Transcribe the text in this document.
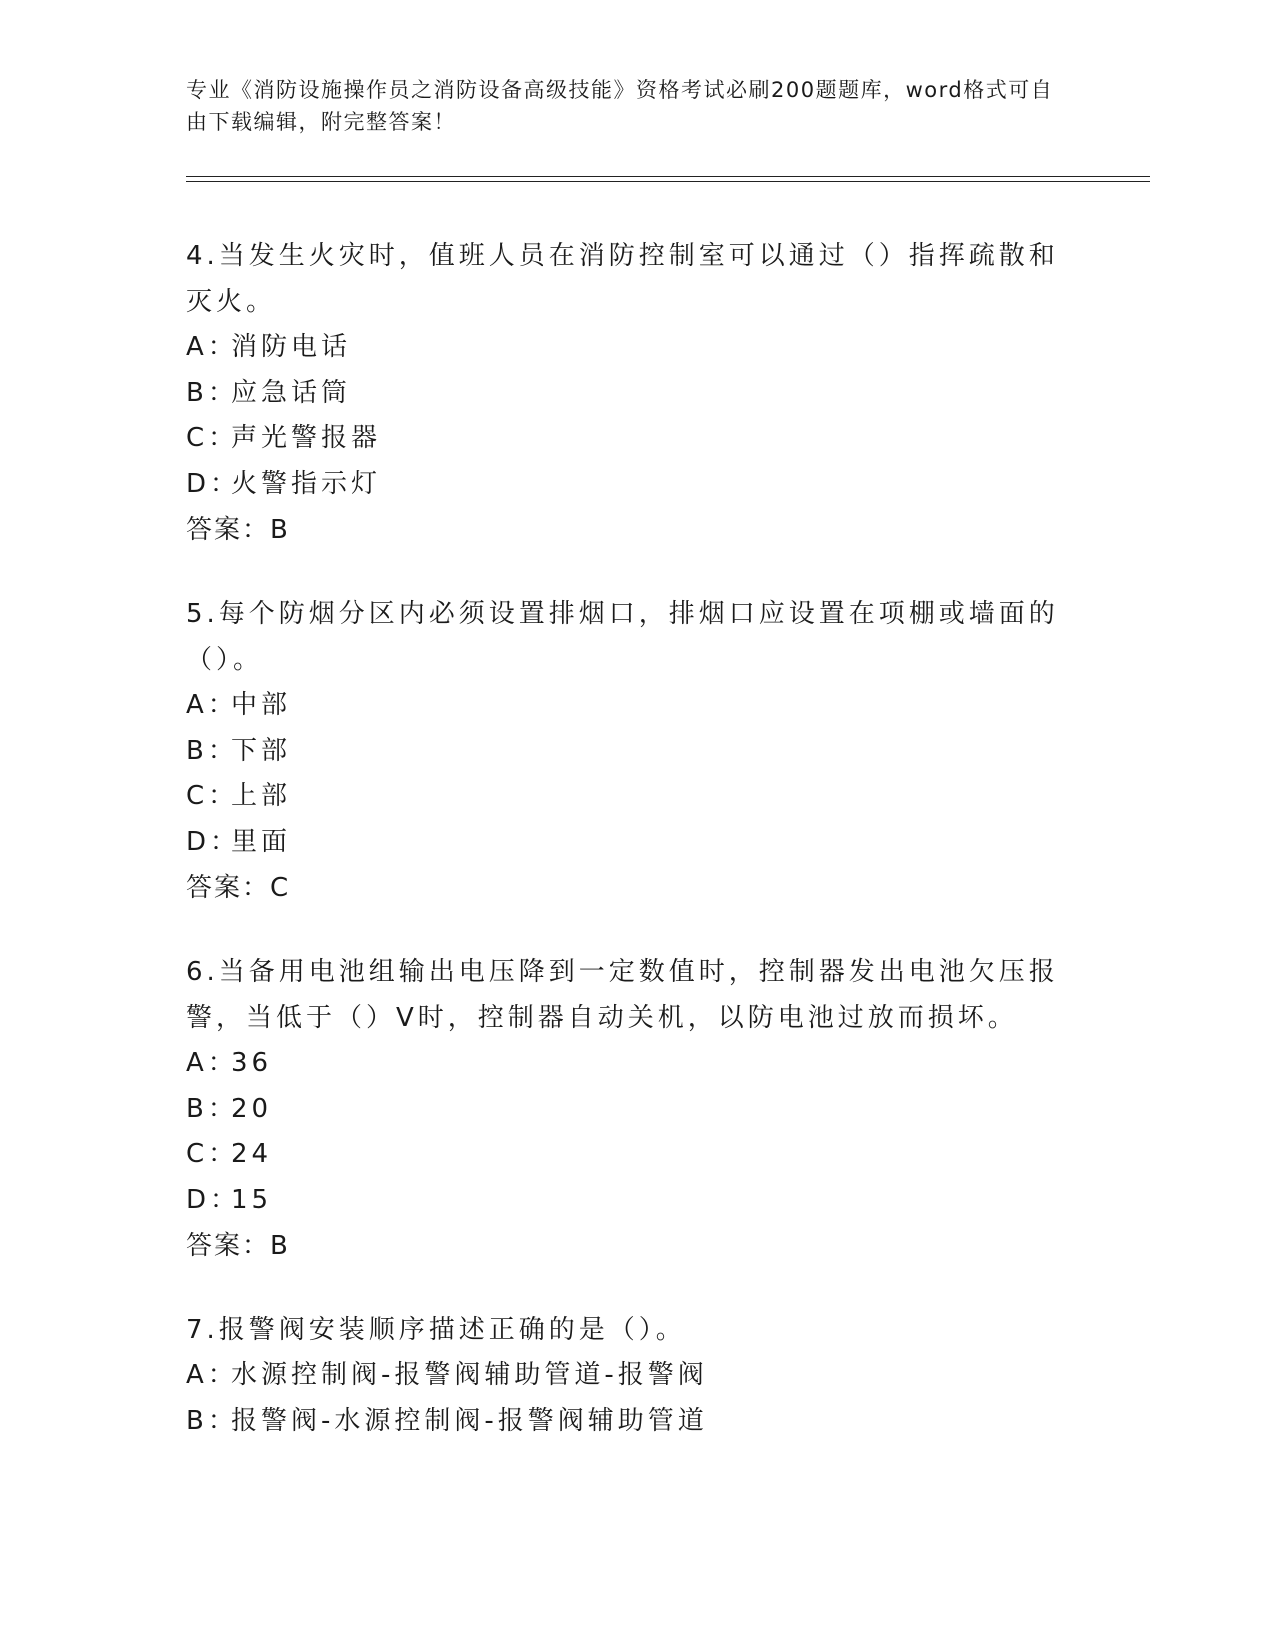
专业《消防设施操作员之消防设备高级技能》资格考试必刷200题题库，word格式可自由下载编辑，附完整答案！

4.当发生火灾时，值班人员在消防控制室可以通过（）指挥疏散和灭火。

A：消防电话

B：应急话筒

C：声光警报器

D：火警指示灯

答案：B

5.每个防烟分区内必须设置排烟口，排烟口应设置在项棚或墙面的（）。

A：中部

B：下部

C：上部

D：里面

答案：C

6.当备用电池组输出电压降到一定数值时，控制器发出电池欠压报警，当低于（）V时，控制器自动关机，以防电池过放而损坏。

A：36

B：20

C：24

D：15

答案：B

7.报警阀安装顺序描述正确的是（）。

A：水源控制阀-报警阀辅助管道-报警阀

B：报警阀-水源控制阀-报警阀辅助管道
